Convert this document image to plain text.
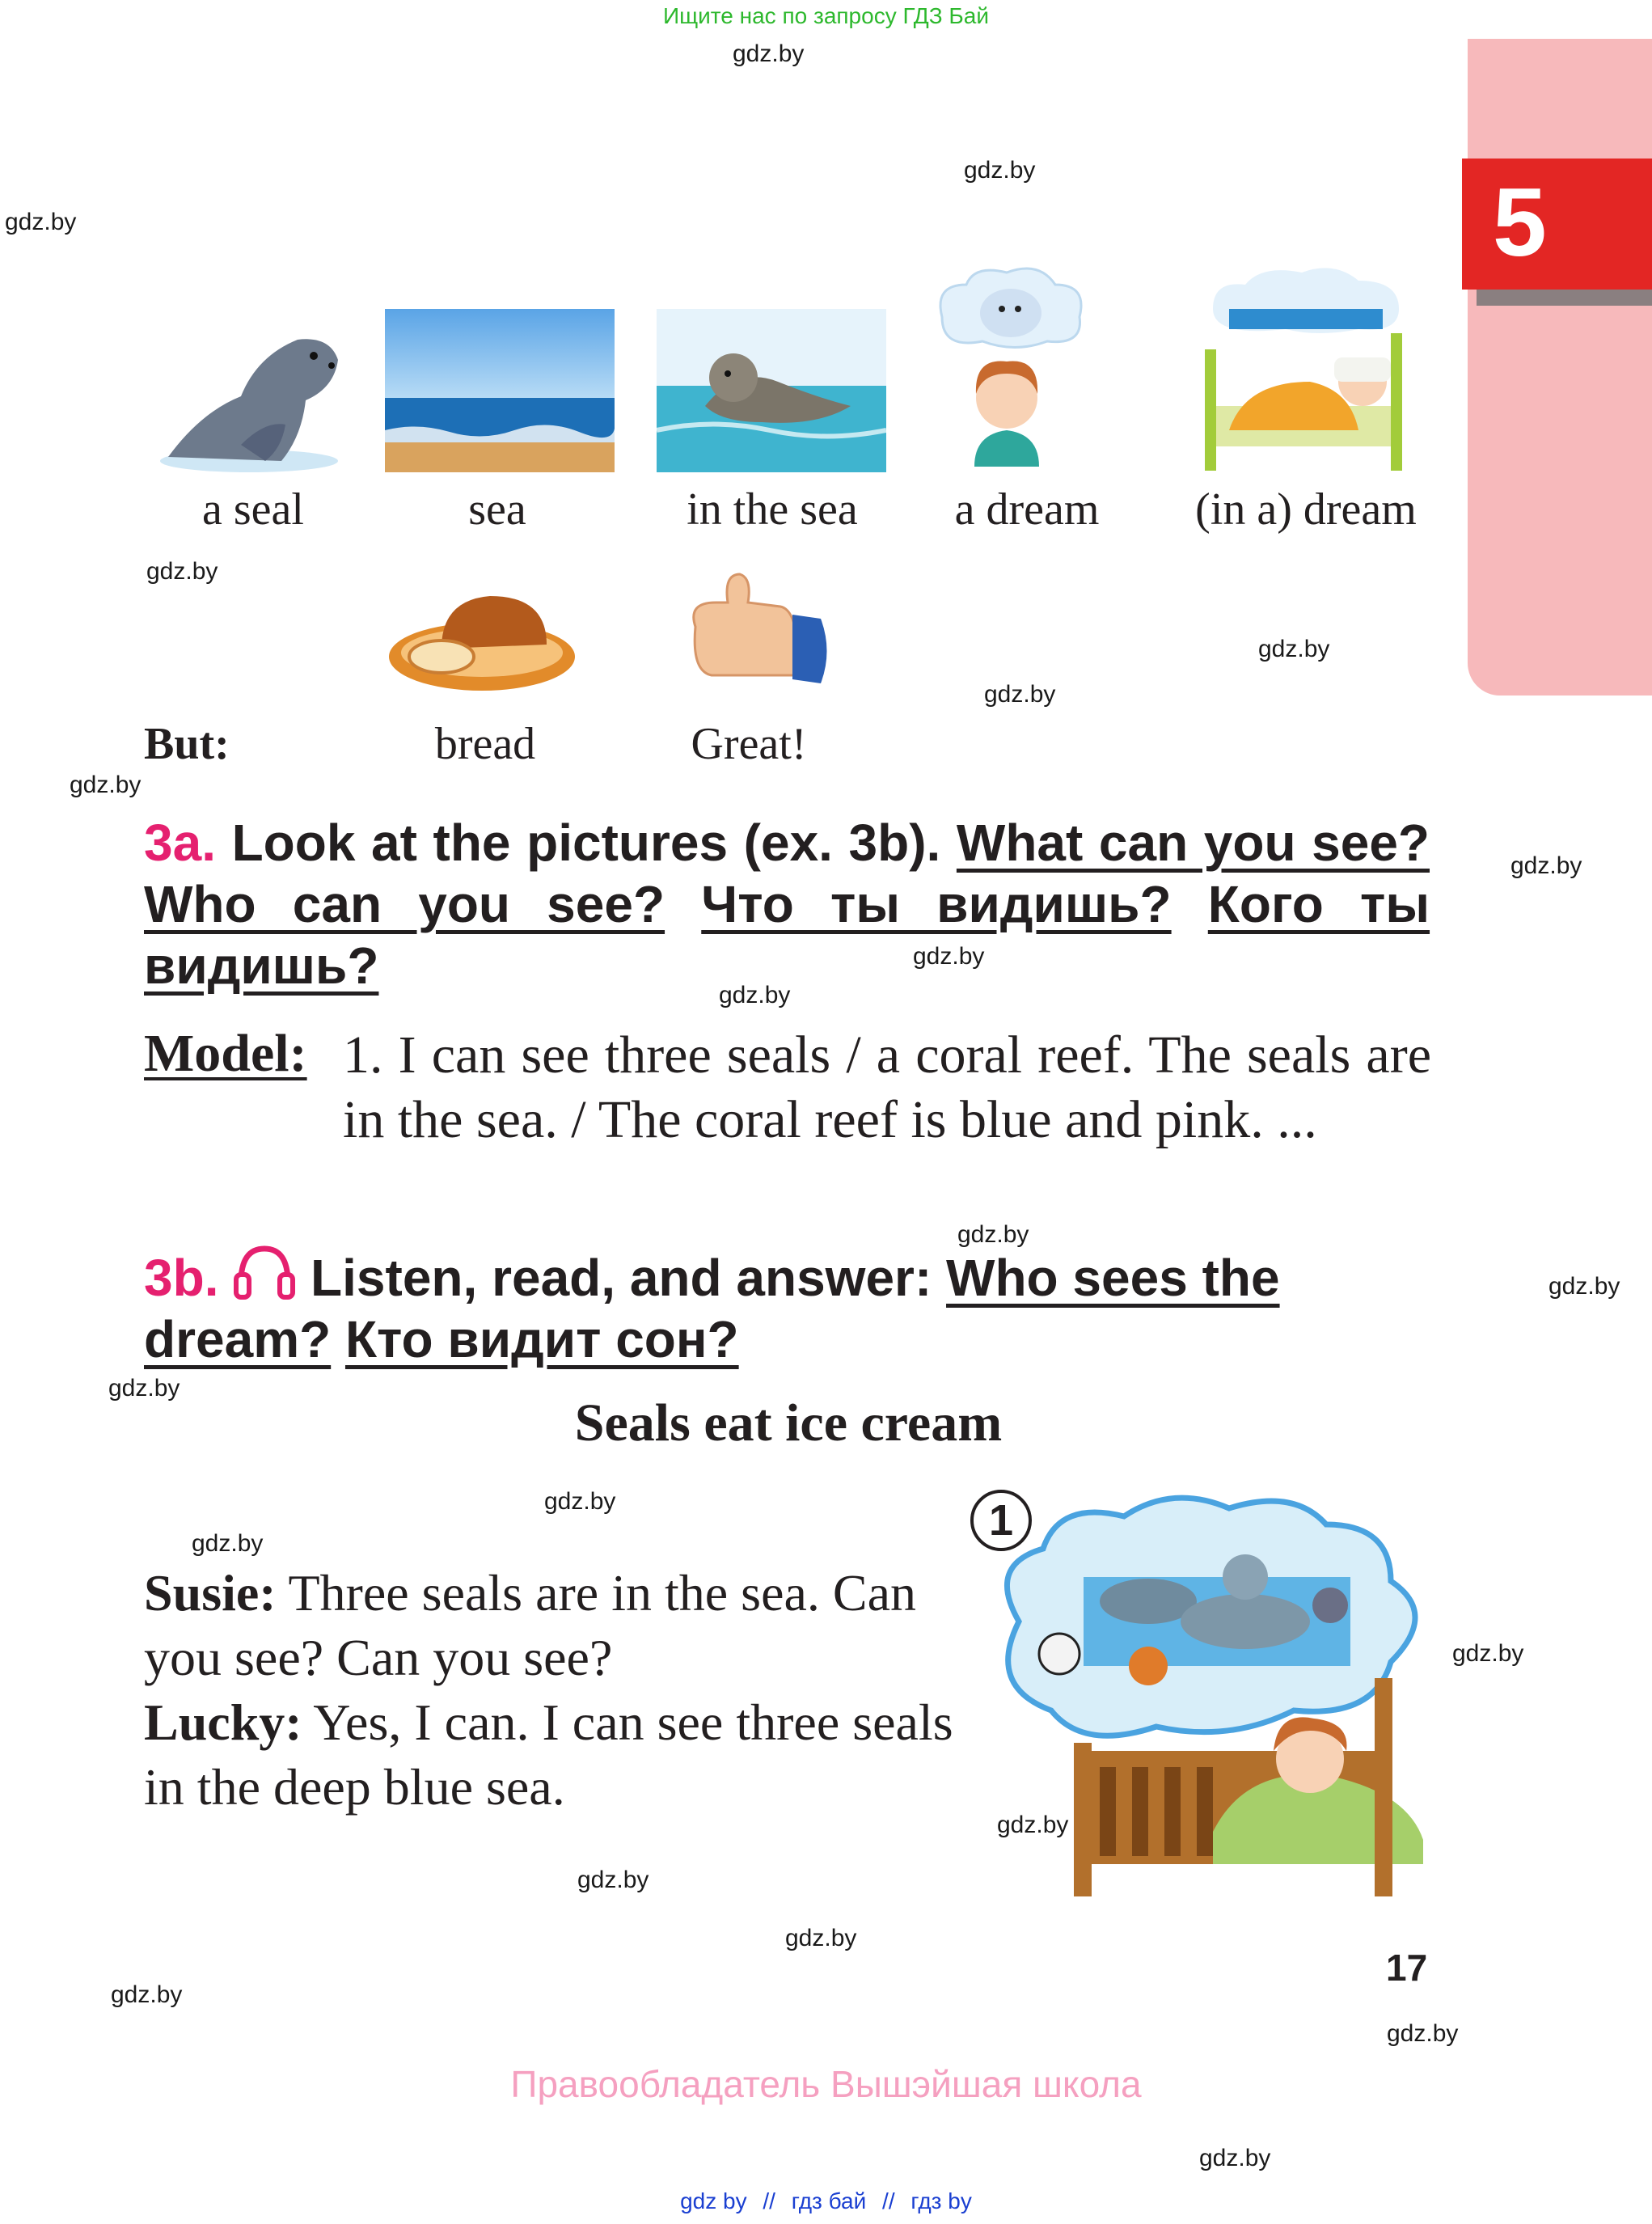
Ищите нас по запросу ГДЗ Бай
gdz.by
gdz.by
gdz.by
gdz.by
gdz.by
gdz.by
gdz.by
gdz.by
gdz.by
gdz.by
gdz.by
gdz.by
gdz.by
gdz.by
gdz.by
gdz.by
gdz.by
gdz.by
gdz.by
gdz.by
gdz.by
gdz.by
5
a seal	sea	in the sea	a dream	(in a) dream
But:	bread	Great!
3a. Look at the pictures (ex. 3b). What can you see? Who can you see? Что ты видишь? Кого ты видишь?
Model: 1. I can see three seals / a coral reef. The seals are in the sea. / The coral reef is blue and pink. ...
3b. Listen, read, and answer: Who sees the dream? Кто видит сон?
Seals eat ice cream
Susie: Three seals are in the sea. Can you see? Can you see?
Lucky: Yes, I can. I can see three seals in the deep blue sea.
1
17
Правообладатель Вышэйшая школа
gdz by // гдз бай // гдз by
